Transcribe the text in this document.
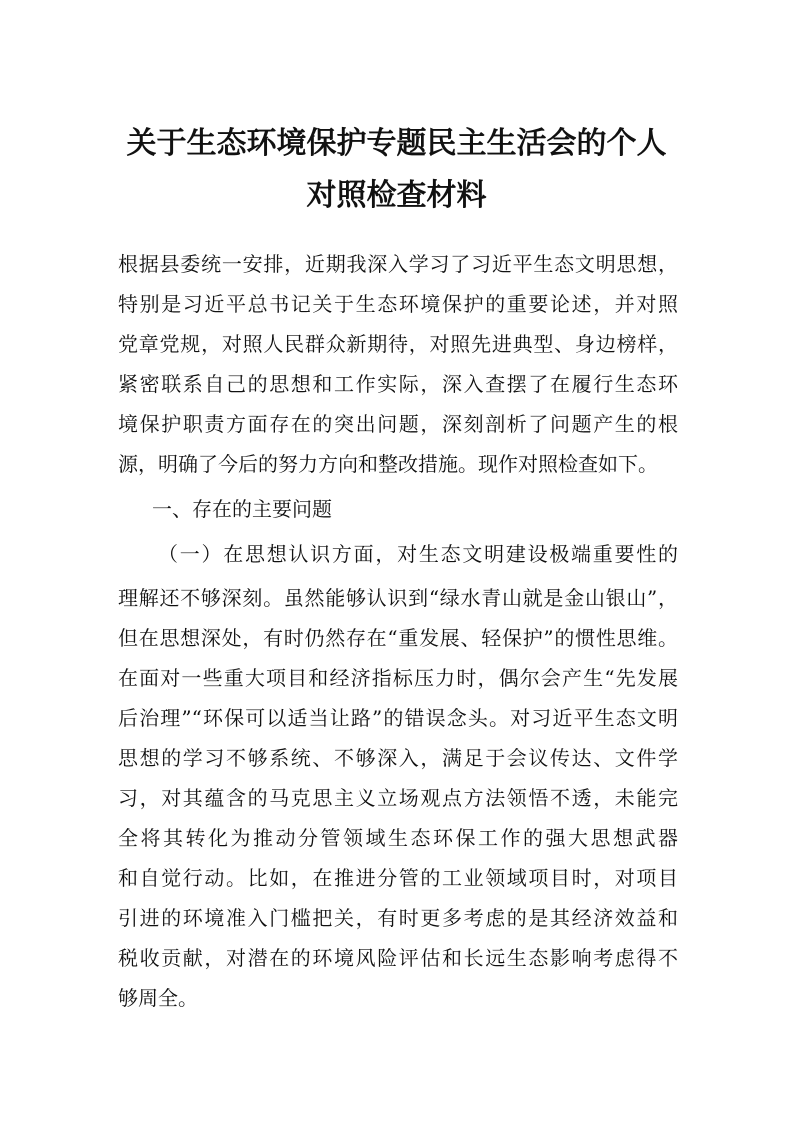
关于生态环境保护专题民主生活会的个人
对照检查材料
根据县委统一安排，近期我深入学习了习近平生态文明思想，
特别是习近平总书记关于生态环境保护的重要论述，并对照
党章党规，对照人民群众新期待，对照先进典型、身边榜样，
紧密联系自己的思想和工作实际，深入查摆了在履行生态环
境保护职责方面存在的突出问题，深刻剖析了问题产生的根
源，明确了今后的努力方向和整改措施。现作对照检查如下。
一、存在的主要问题
（一）在思想认识方面，对生态文明建设极端重要性的
理解还不够深刻。虽然能够认识到“绿水青山就是金山银山”，
但在思想深处，有时仍然存在“重发展、轻保护”的惯性思维。
在面对一些重大项目和经济指标压力时，偶尔会产生“先发展
后治理”“环保可以适当让路”的错误念头。对习近平生态文明
思想的学习不够系统、不够深入，满足于会议传达、文件学
习，对其蕴含的马克思主义立场观点方法领悟不透，未能完
全将其转化为推动分管领域生态环保工作的强大思想武器
和自觉行动。比如，在推进分管的工业领域项目时，对项目
引进的环境准入门槛把关，有时更多考虑的是其经济效益和
税收贡献，对潜在的环境风险评估和长远生态影响考虑得不
够周全。
